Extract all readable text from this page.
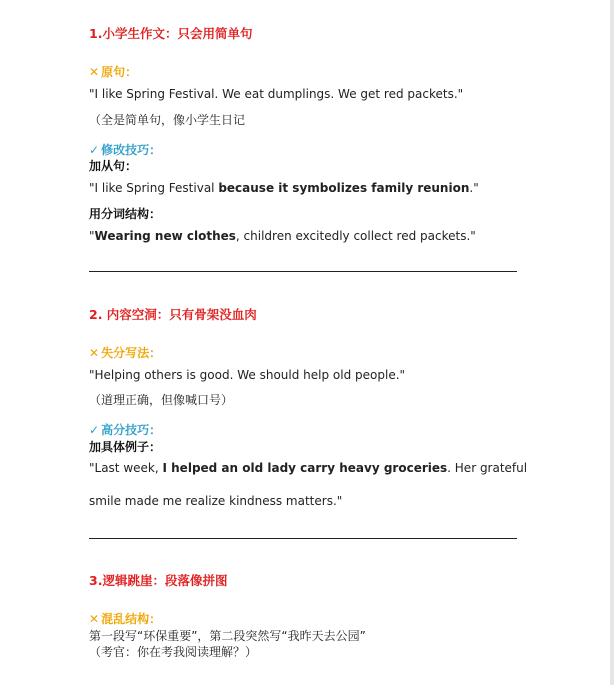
1.小学生作文：只会用简单句
✕ 原句：
"I like Spring Festival. We eat dumplings. We get red packets."
（全是简单句，像小学生日记
✓ 修改技巧：
加从句：
"I like Spring Festival because it symbolizes family reunion."
用分词结构：
"Wearing new clothes, children excitedly collect red packets."
2. 内容空洞：只有骨架没血肉
✕ 失分写法：
"Helping others is good. We should help old people."
（道理正确，但像喊口号）
✓ 高分技巧：
加具体例子：
"Last week, I helped an old lady carry heavy groceries. Her grateful
smile made me realize kindness matters."
3.逻辑跳崖：段落像拼图
✕ 混乱结构：
第一段写“环保重要”，第二段突然写“我昨天去公园”
（考官：你在考我阅读理解？）
